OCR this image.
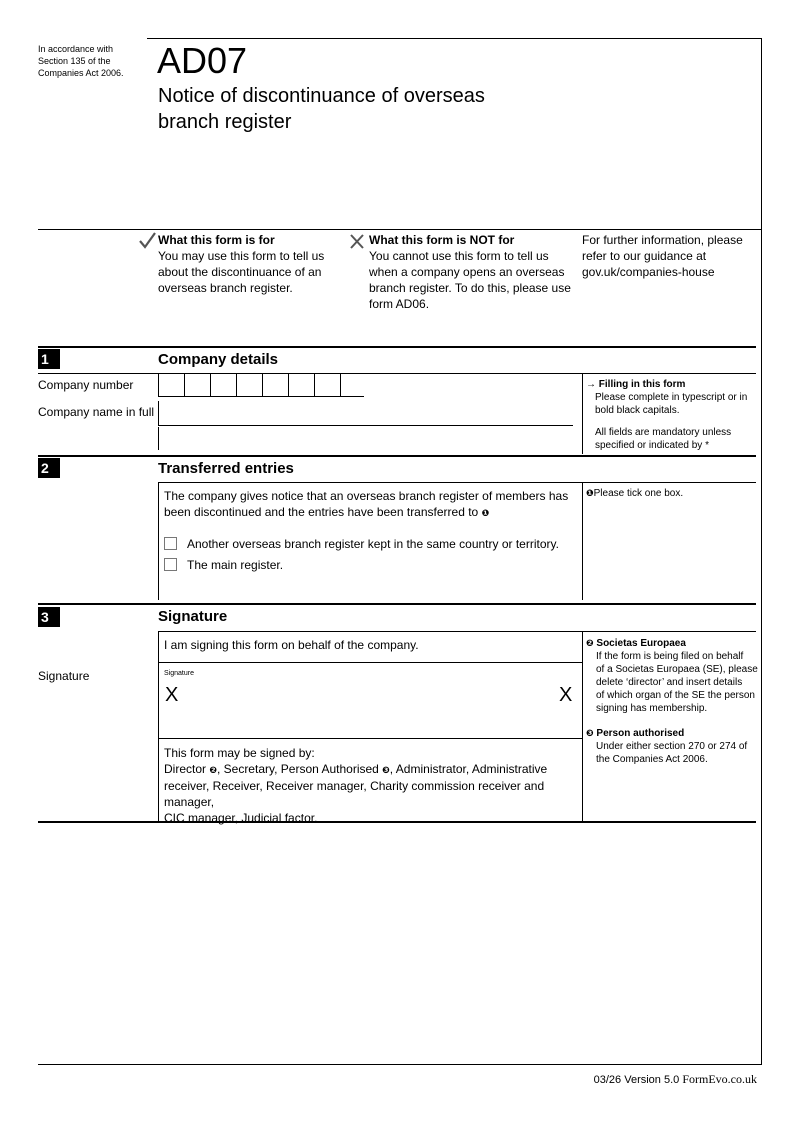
In accordance with
Section 135 of the
Companies Act 2006. AD07
Notice of discontinuance of overseas
branch register
What this form is for
You may use this form to tell us
about the discontinuance of an
overseas branch register.
What this form is NOT for
You cannot use this form to tell us
when a company opens an overseas
branch register. To do this, please use
form AD06.
For further information, please
refer to our guidance at
gov.uk/companies-house
1	Company details
Company number
Company name in full
→ Filling in this form
Please complete in typescript or in
bold black capitals.
All fields are mandatory unless
specified or indicated by *
2	Transferred entries
The company gives notice that an overseas branch register of members has
been discontinued and the entries have been transferred to ❶
Another overseas branch register kept in the same country or territory.
The main register.
❶Please tick one box.
3	Signature
I am signing this form on behalf of the company.
Signature	Signature
X	X
This form may be signed by:
Director ❷, Secretary, Person Authorised ❸, Administrator, Administrative
receiver, Receiver, Receiver manager, Charity commission receiver and manager,
CIC manager, Judicial factor.
❷ Societas Europaea
If the form is being filed on behalf
of a Societas Europaea (SE), please
delete ‘director’ and insert details
of which organ of the SE the person
signing has membership.
❸ Person authorised
Under either section 270 or 274 of
the Companies Act 2006.
03/26 Version 5.0 FormEvo.co.uk
